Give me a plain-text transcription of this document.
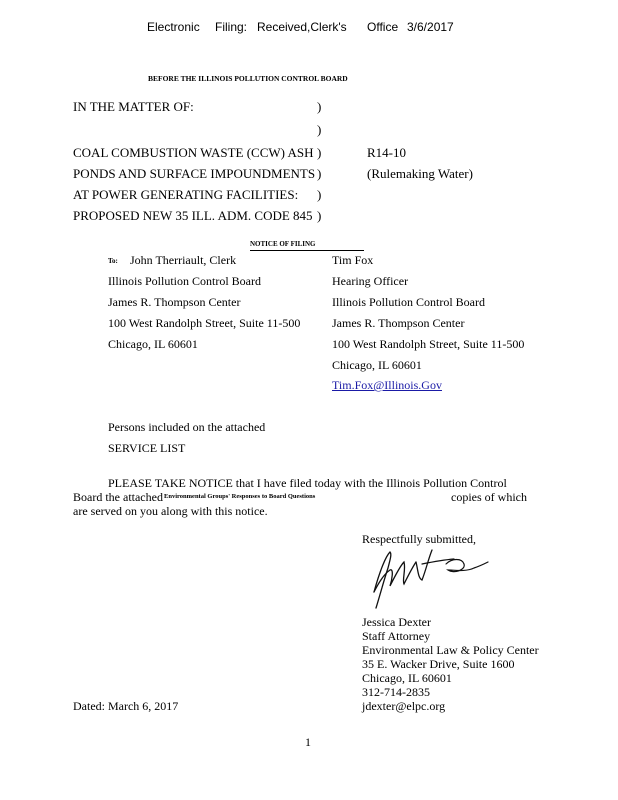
Electronic Filing: Received,Clerk's Office 3/6/2017
BEFORE THE ILLINOIS POLLUTION CONTROL BOARD
IN THE MATTER OF:
COAL COMBUSTION WASTE (CCW) ASH
PONDS AND SURFACE IMPOUNDMENTS
AT POWER GENERATING FACILITIES:
PROPOSED NEW 35 ILL. ADM. CODE 845
)
)
)
)
)
)
R14-10
(Rulemaking Water)
NOTICE OF FILING
To: John Therriault, Clerk
Illinois Pollution Control Board
James R. Thompson Center
100 West Randolph Street, Suite 11-500
Chicago, IL 60601
Tim Fox
Hearing Officer
Illinois Pollution Control Board
James R. Thompson Center
100 West Randolph Street, Suite 11-500
Chicago, IL 60601
Tim.Fox@Illinois.Gov
Persons included on the attached
SERVICE LIST
PLEASE TAKE NOTICE that I have filed today with the Illinois Pollution Control
Board the attached Environmental Groups' Responses to Board Questions	copies of which
are served on you along with this notice.
Respectfully submitted,
Jessica Dexter
Staff Attorney
Environmental Law & Policy Center
35 E. Wacker Drive, Suite 1600
Chicago, IL 60601
312-714-2835
jdexter@elpc.org
Dated: March 6, 2017
1
